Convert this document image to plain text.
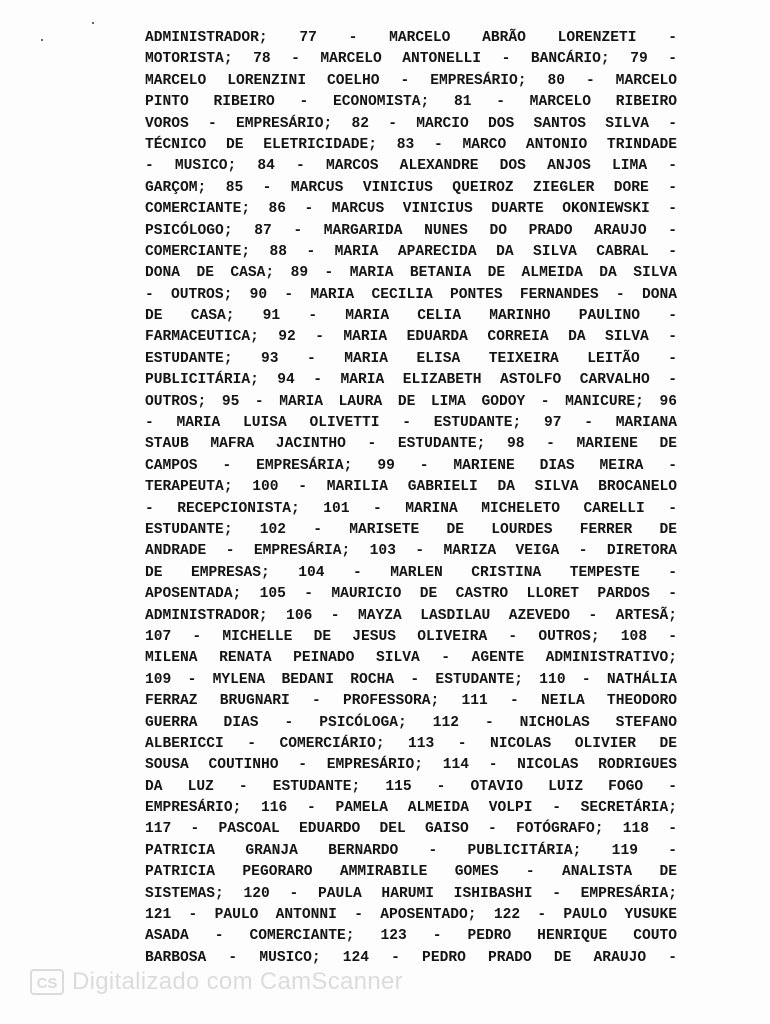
ADMINISTRADOR; 77 - MARCELO ABRÃO LORENZETI -
MOTORISTA; 78 - MARCELO ANTONELLI - BANCÁRIO; 79 -
MARCELO LORENZINI COELHO - EMPRESÁRIO; 80 - MARCELO
PINTO RIBEIRO - ECONOMISTA; 81 - MARCELO RIBEIRO
VOROS - EMPRESÁRIO; 82 - MARCIO DOS SANTOS SILVA -
TÉCNICO DE ELETRICIDADE; 83 - MARCO ANTONIO TRINDADE
- MUSICO; 84 - MARCOS ALEXANDRE DOS ANJOS LIMA -
GARÇOM; 85 - MARCUS VINICIUS QUEIROZ ZIEGLER DORE -
COMERCIANTE; 86 - MARCUS VINICIUS DUARTE OKONIEWSKI -
PSICÓLOGO; 87 - MARGARIDA NUNES DO PRADO ARAUJO -
COMERCIANTE; 88 - MARIA APARECIDA DA SILVA CABRAL -
DONA DE CASA; 89 - MARIA BETANIA DE ALMEIDA DA SILVA
- OUTROS; 90 - MARIA CECILIA PONTES FERNANDES - DONA
DE CASA; 91 - MARIA CELIA MARINHO PAULINO -
FARMACEUTICA; 92 - MARIA EDUARDA CORREIA DA SILVA -
ESTUDANTE; 93 - MARIA ELISA TEIXEIRA LEITÃO -
PUBLICITÁRIA; 94 - MARIA ELIZABETH ASTOLFO CARVALHO -
OUTROS; 95 - MARIA LAURA DE LIMA GODOY - MANICURE; 96
- MARIA LUISA OLIVETTI - ESTUDANTE; 97 - MARIANA
STAUB MAFRA JACINTHO - ESTUDANTE; 98 - MARIENE DE
CAMPOS - EMPRESÁRIA; 99 - MARIENE DIAS MEIRA -
TERAPEUTA; 100 - MARILIA GABRIELI DA SILVA BROCANELO
- RECEPCIONISTA; 101 - MARINA MICHELETO CARELLI -
ESTUDANTE; 102 - MARISETE DE LOURDES FERRER DE
ANDRADE - EMPRESÁRIA; 103 - MARIZA VEIGA - DIRETORA
DE EMPRESAS; 104 - MARLEN CRISTINA TEMPESTE -
APOSENTADA; 105 - MAURICIO DE CASTRO LLORET PARDOS -
ADMINISTRADOR; 106 - MAYZA LASDILAU AZEVEDO - ARTESÃ;
107 - MICHELLE DE JESUS OLIVEIRA - OUTROS; 108 -
MILENA RENATA PEINADO SILVA - AGENTE ADMINISTRATIVO;
109 - MYLENA BEDANI ROCHA - ESTUDANTE; 110 - NATHÁLIA
FERRAZ BRUGNARI - PROFESSORA; 111 - NEILA THEODORO
GUERRA DIAS - PSICÓLOGA; 112 - NICHOLAS STEFANO
ALBERICCI - COMERCIÁRIO; 113 - NICOLAS OLIVIER DE
SOUSA COUTINHO - EMPRESÁRIO; 114 - NICOLAS RODRIGUES
DA LUZ - ESTUDANTE; 115 - OTAVIO LUIZ FOGO -
EMPRESÁRIO; 116 - PAMELA ALMEIDA VOLPI - SECRETÁRIA;
117 - PASCOAL EDUARDO DEL GAISO - FOTÓGRAFO; 118 -
PATRICIA GRANJA BERNARDO - PUBLICITÁRIA; 119 -
PATRICIA PEGORARO AMMIRABILE GOMES - ANALISTA DE
SISTEMAS; 120 - PAULA HARUMI ISHIBASHI - EMPRESÁRIA;
121 - PAULO ANTONNI - APOSENTADO; 122 - PAULO YUSUKE
ASADA - COMERCIANTE; 123 - PEDRO HENRIQUE COUTO
BARBOSA - MUSICO; 124 - PEDRO PRADO DE ARAUJO -
CS Digitalizado com CamScanner
